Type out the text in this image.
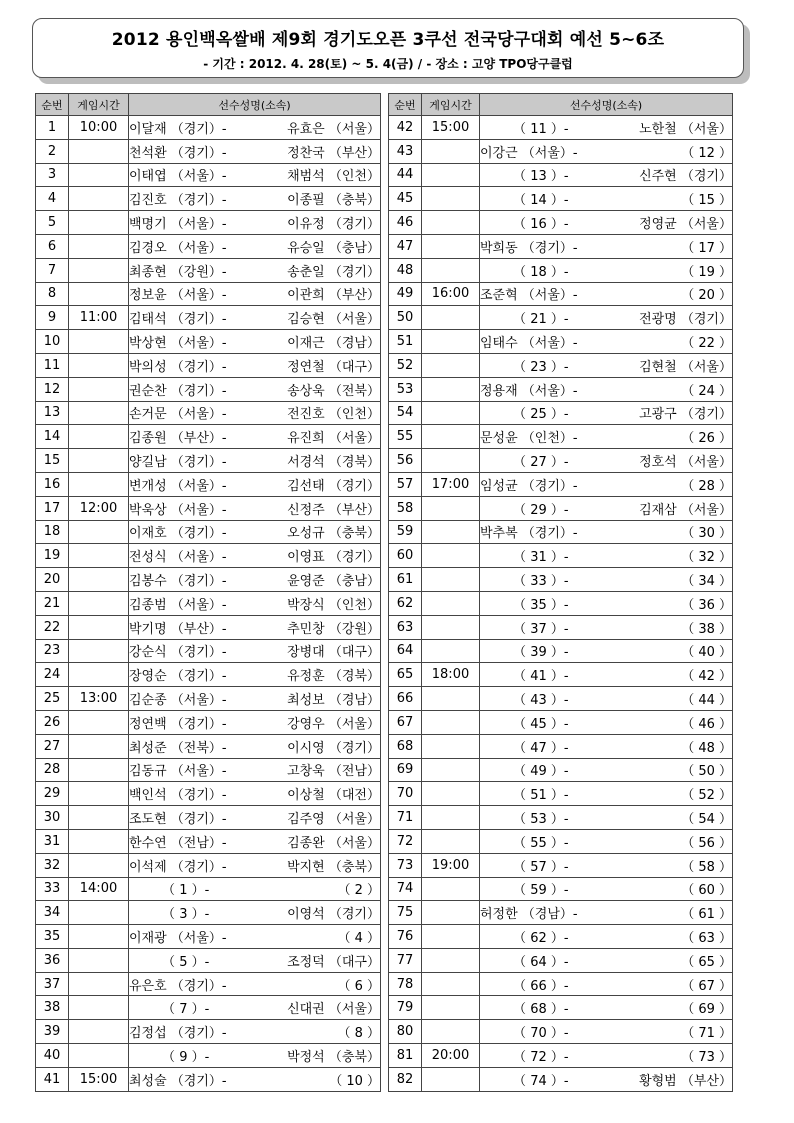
2012 용인백옥쌀배 제9회 경기도오픈 3쿠선 전국당구대회 예선 5~6조
- 기간 : 2012. 4. 28(토) ~ 5. 4(금) / - 장소 : 고양 TPO당구클럽
순번	게임시간	선수성명(소속)
1	10:00	이달재 （경기）- 유효은 （서울）

2		천석환 （경기）- 정찬국 （부산）

3		이태엽 （서울）- 채범석 （인천）

4		김진호 （경기）- 이종필 （충북）

5		백명기 （서울）- 이유정 （경기）

6		김경오 （서울）- 유승일 （충남）

7		최종현 （강원）- 송춘일 （경기）

8		정보윤 （서울）- 이관희 （부산）

9	11:00	김태석 （경기）- 김승현 （서울）

10		박상현 （서울）- 이재근 （경남）

11		박의성 （경기）- 정연철 （대구）

12		권순찬 （경기）- 송상욱 （전북）

13		손거문 （서울）- 전진호 （인천）

14		김종원 （부산）- 유진희 （서울）

15		양길남 （경기）- 서경석 （경북）

16		변개성 （서울）- 김선태 （경기）

17	12:00	박욱상 （서울）- 신정주 （부산）

18		이재호 （경기）- 오성규 （충북）

19		전성식 （서울）- 이영표 （경기）

20		김봉수 （경기）- 윤영준 （충남）

21		김종범 （서울）- 박장식 （인천）

22		박기명 （부산）- 추민창 （강원）

23		강순식 （경기）- 장병대 （대구）

24		장영순 （경기）- 유정훈 （경북）

25	13:00	김순종 （서울）- 최성보 （경남）

26		정연백 （경기）- 강영우 （서울）

27		최성준 （전북）- 이시영 （경기）

28		김동규 （서울）- 고창욱 （전남）

29		백인석 （경기）- 이상철 （대전）

30		조도현 （경기）- 김주영 （서울）

31		한수연 （전남）- 김종완 （서울）

32		이석제 （경기）- 박지현 （충북）

33	14:00	（ 1 ）- （ 2 ）

34		（ 3 ）- 이영석 （경기）

35		이재광 （서울）- （ 4 ）

36		（ 5 ）- 조정덕 （대구）

37		유은호 （경기）- （ 6 ）

38		（ 7 ）- 신대권 （서울）

39		김정섭 （경기）- （ 8 ）

40		（ 9 ）- 박정석 （충북）

41	15:00	최성술 （경기）- （ 10 ）
순번	게임시간	선수성명(소속)
42	15:00	（ 11 ）- 노한철 （서울）

43		이강근 （서울）- （ 12 ）

44		（ 13 ）- 신주현 （경기）

45		（ 14 ）- （ 15 ）

46		（ 16 ）- 정영균 （서울）

47		박희동 （경기）- （ 17 ）

48		（ 18 ）- （ 19 ）

49	16:00	조준혁 （서울）- （ 20 ）

50		（ 21 ）- 전광명 （경기）

51		임태수 （서울）- （ 22 ）

52		（ 23 ）- 김현철 （서울）

53		정용재 （서울）- （ 24 ）

54		（ 25 ）- 고광구 （경기）

55		문성윤 （인천）- （ 26 ）

56		（ 27 ）- 정호석 （서울）

57	17:00	임성균 （경기）- （ 28 ）

58		（ 29 ）- 김재삼 （서울）

59		박추복 （경기）- （ 30 ）

60		（ 31 ）- （ 32 ）

61		（ 33 ）- （ 34 ）

62		（ 35 ）- （ 36 ）

63		（ 37 ）- （ 38 ）

64		（ 39 ）- （ 40 ）

65	18:00	（ 41 ）- （ 42 ）

66		（ 43 ）- （ 44 ）

67		（ 45 ）- （ 46 ）

68		（ 47 ）- （ 48 ）

69		（ 49 ）- （ 50 ）

70		（ 51 ）- （ 52 ）

71		（ 53 ）- （ 54 ）

72		（ 55 ）- （ 56 ）

73	19:00	（ 57 ）- （ 58 ）

74		（ 59 ）- （ 60 ）

75		허정한 （경남）- （ 61 ）

76		（ 62 ）- （ 63 ）

77		（ 64 ）- （ 65 ）

78		（ 66 ）- （ 67 ）

79		（ 68 ）- （ 69 ）

80		（ 70 ）- （ 71 ）

81	20:00	（ 72 ）- （ 73 ）

82		（ 74 ）- 황형범 （부산）
